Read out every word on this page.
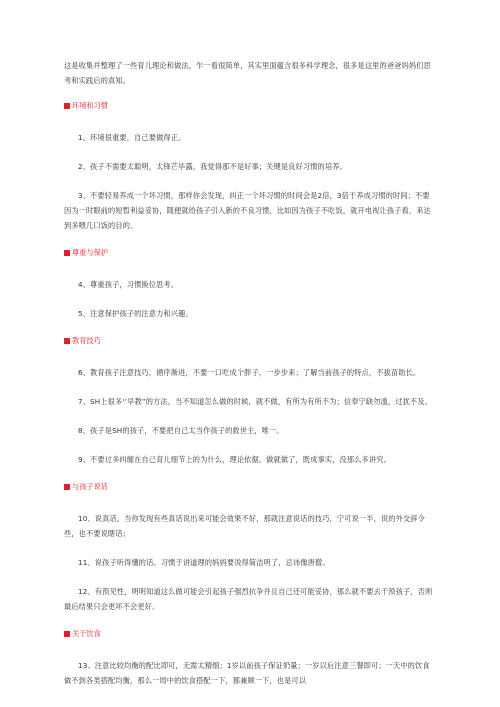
这是收集并整理了一些育儿理论和做法，乍一看很简单，其实里面蕴含很多科学理念，很多是这里的爸爸妈妈们思考和实践后的真知。

环境和习惯

1、环境很重要，自己要做得正。

2、孩子不需要太聪明，太锋芒毕露，我觉得那不是好事；关键是良好习惯的培养。

3、不要轻易养成一个坏习惯，那样你会发现，纠正一个坏习惯的时间会是2倍，3倍于养成习惯的时间；不要因为一时眼前的短暂利益妥协，随便就给孩子引入新的不良习惯，比如因为孩子不吃饭，就开电视让孩子看，来达到多喂几口饭的目的。

尊重与保护

4、尊重孩子，习惯换位思考。

5、注意保护孩子的注意力和兴趣。

教育技巧

6、教育孩子注意技巧，循序渐进，不要一口吃成个胖子，一步步来；了解当前孩子的特点，不拔苗助长。

7、SH上很多‘’早教”的方法，当不知道怎么做的时候，就不做，有所为有所不为；信奉宁缺勿滥，过犹不及。

8、孩子是SH的孩子，不要把自己太当作孩子的救世主，唯一。

9、不要过多纠缠在自己育儿细节上的为什么，理论依据。做就做了，既成事实，没那么多讲究。

与孩子说话

10、说真话，当你发现有些真话说出来可能会效果不好，那就注意说话的技巧，宁可说一半，说的外交辞令些，也不要说瞎话；

11、说孩子听得懂的话。习惯于讲道理的妈妈要说得简洁明了，忌讳像唐僧。

12、有预见性，明明知道这么做可能会引起孩子强烈抗争并且自己还可能妥协，那么就不要去干预孩子，否则最后结果只会更坏不会更好。

关于饮食

13、注意比较均衡的配比即可，无需太精细；1岁以前孩子保证奶量；一岁以后注意三餐即可；一天中的饮食做不到各类搭配均衡，那么一周中的饮食搭配一下，都兼顾一下，也是可以
